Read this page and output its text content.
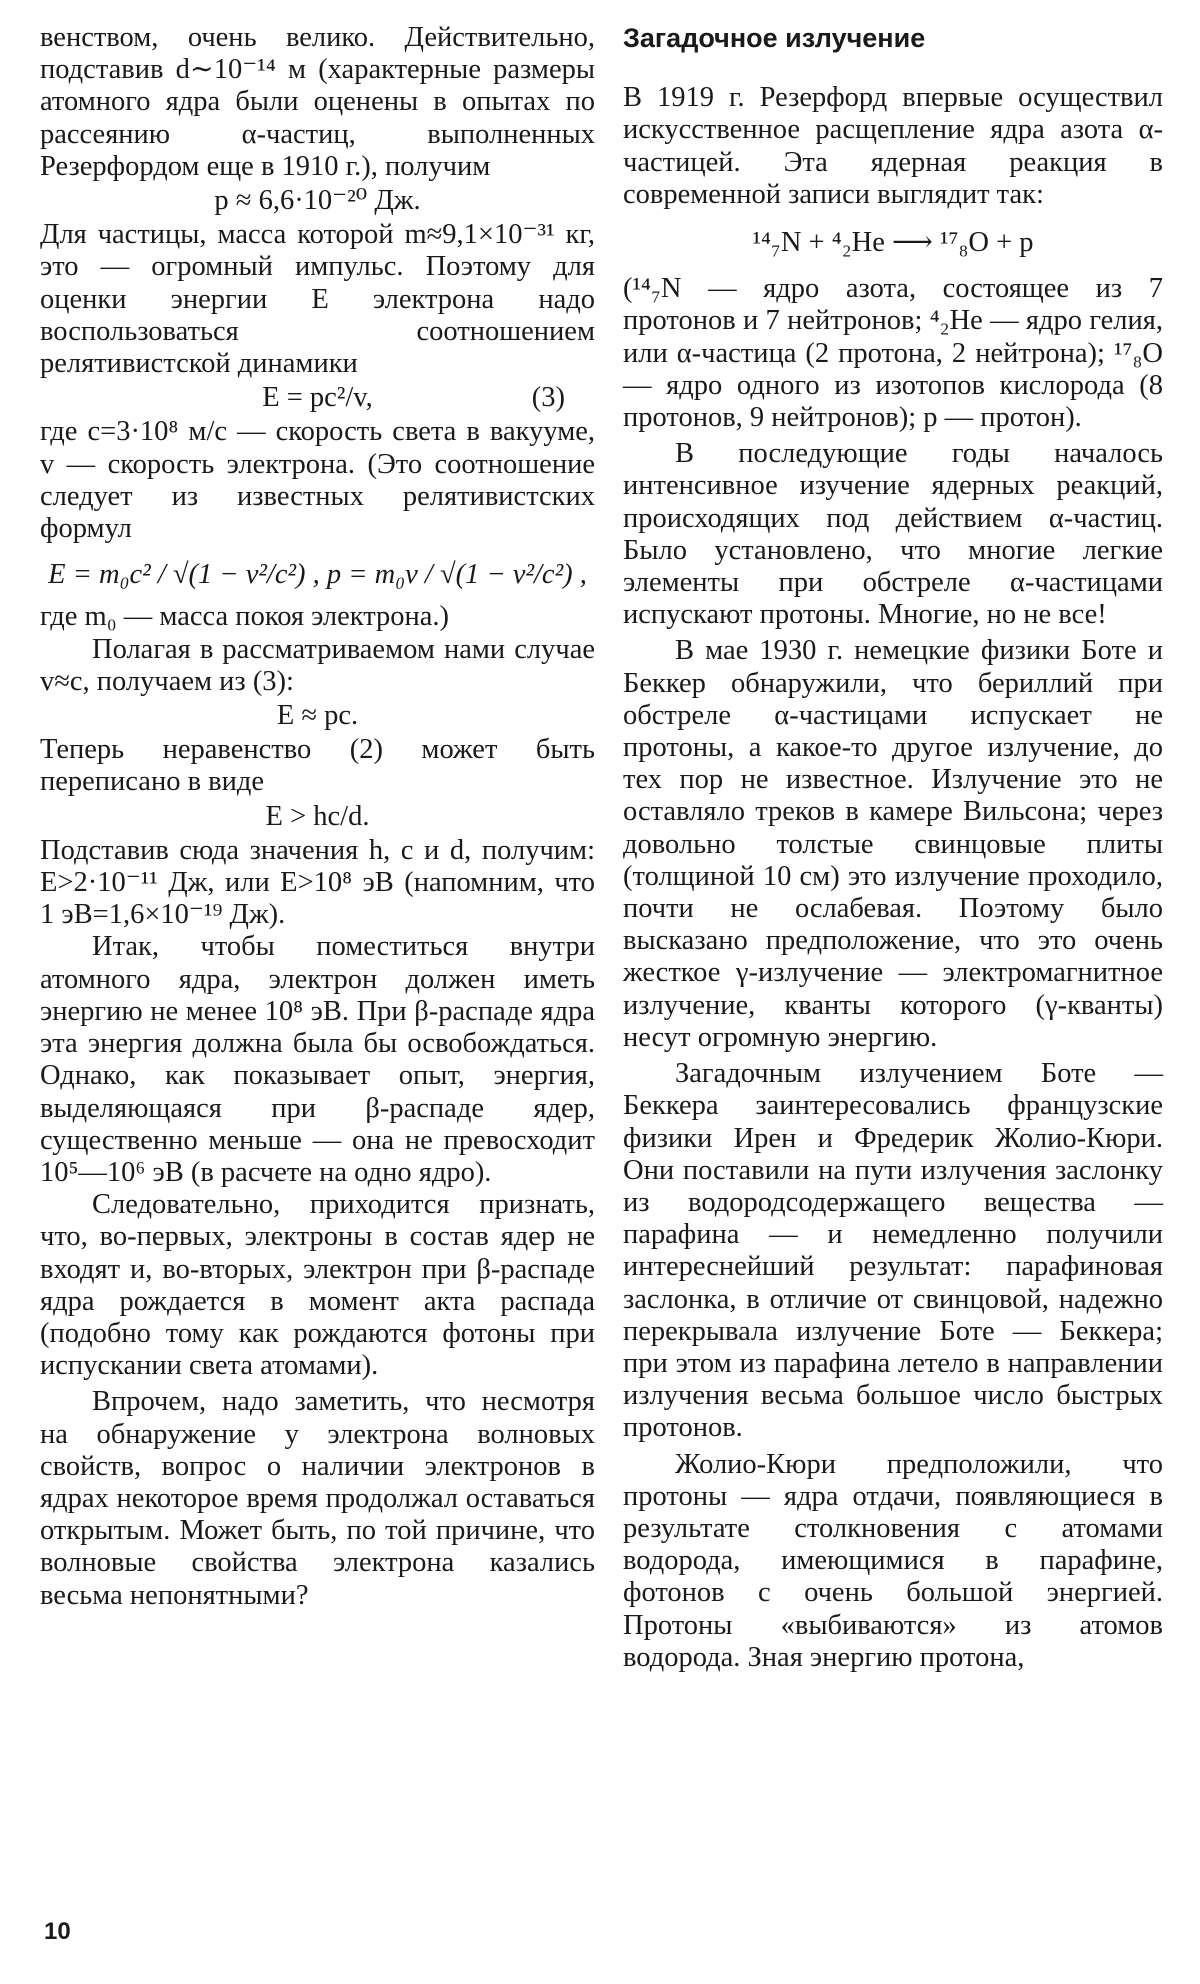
венством, очень велико. Действительно, подставив d∼10⁻¹⁴ м (характерные размеры атомного ядра были оценены в опытах по рассеянию α-частиц, выполненных Резерфордом еще в 1910 г.), получим

p ≈ 6,6·10⁻²⁰ Дж.

Для частицы, масса которой m≈9,1×10⁻³¹ кг, это — огромный импульс. Поэтому для оценки энергии E электрона надо воспользоваться соотношением релятивистской динамики

E = pc²/v,	(3)

где c=3·10⁸ м/с — скорость света в вакууме, v — скорость электрона. (Это соотношение следует из известных релятивистских формул

E = m₀c² / √(1 − v²/c²) , p = m₀v / √(1 − v²/c²) ,

где m₀ — масса покоя электрона.)

Полагая в рассматриваемом нами случае v≈c, получаем из (3):

E ≈ pc.

Теперь неравенство (2) может быть переписано в виде

E > hc/d.

Подставив сюда значения h, c и d, получим: E>2·10⁻¹¹ Дж, или E>10⁸ эВ (напомним, что 1 эВ=1,6×10⁻¹⁹ Дж).

Итак, чтобы поместиться внутри атомного ядра, электрон должен иметь энергию не менее 10⁸ эВ. При β-распаде ядра эта энергия должна была бы освобождаться. Однако, как показывает опыт, энергия, выделяющаяся при β-распаде ядер, существенно меньше — она не превосходит 10⁵—10⁶ эВ (в расчете на одно ядро).

Следовательно, приходится признать, что, во-первых, электроны в состав ядер не входят и, во-вторых, электрон при β-распаде ядра рождается в момент акта распада (подобно тому как рождаются фотоны при испускании света атомами).

Впрочем, надо заметить, что несмотря на обнаружение у электрона волновых свойств, вопрос о наличии электронов в ядрах некоторое время продолжал оставаться открытым. Может быть, по той причине, что волновые свойства электрона казались весьма непонятными?

Загадочное излучение

В 1919 г. Резерфорд впервые осуществил искусственное расщепление ядра азота α-частицей. Эта ядерная реакция в современной записи выглядит так:

¹⁴₇N + ⁴₂He ⟶ ¹⁷₈O + p

(¹⁴₇N — ядро азота, состоящее из 7 протонов и 7 нейтронов; ⁴₂He — ядро гелия, или α-частица (2 протона, 2 нейтрона); ¹⁷₈O — ядро одного из изотопов кислорода (8 протонов, 9 нейтронов); p — протон).

В последующие годы началось интенсивное изучение ядерных реакций, происходящих под действием α-частиц. Было установлено, что многие легкие элементы при обстреле α-частицами испускают протоны. Многие, но не все!

В мае 1930 г. немецкие физики Боте и Беккер обнаружили, что бериллий при обстреле α-частицами испускает не протоны, а какое-то другое излучение, до тех пор не известное. Излучение это не оставляло треков в камере Вильсона; через довольно толстые свинцовые плиты (толщиной 10 см) это излучение проходило, почти не ослабевая. Поэтому было высказано предположение, что это очень жесткое γ-излучение — электромагнитное излучение, кванты которого (γ-кванты) несут огромную энергию.

Загадочным излучением Боте — Беккера заинтересовались французские физики Ирен и Фредерик Жолио-Кюри. Они поставили на пути излучения заслонку из водородсодержащего вещества — парафина — и немедленно получили интереснейший результат: парафиновая заслонка, в отличие от свинцовой, надежно перекрывала излучение Боте — Беккера; при этом из парафина летело в направлении излучения весьма большое число быстрых протонов.

Жолио-Кюри предположили, что протоны — ядра отдачи, появляющиеся в результате столкновения с атомами водорода, имеющимися в парафине, фотонов с очень большой энергией. Протоны «выбиваются» из атомов водорода. Зная энергию протона,

10
